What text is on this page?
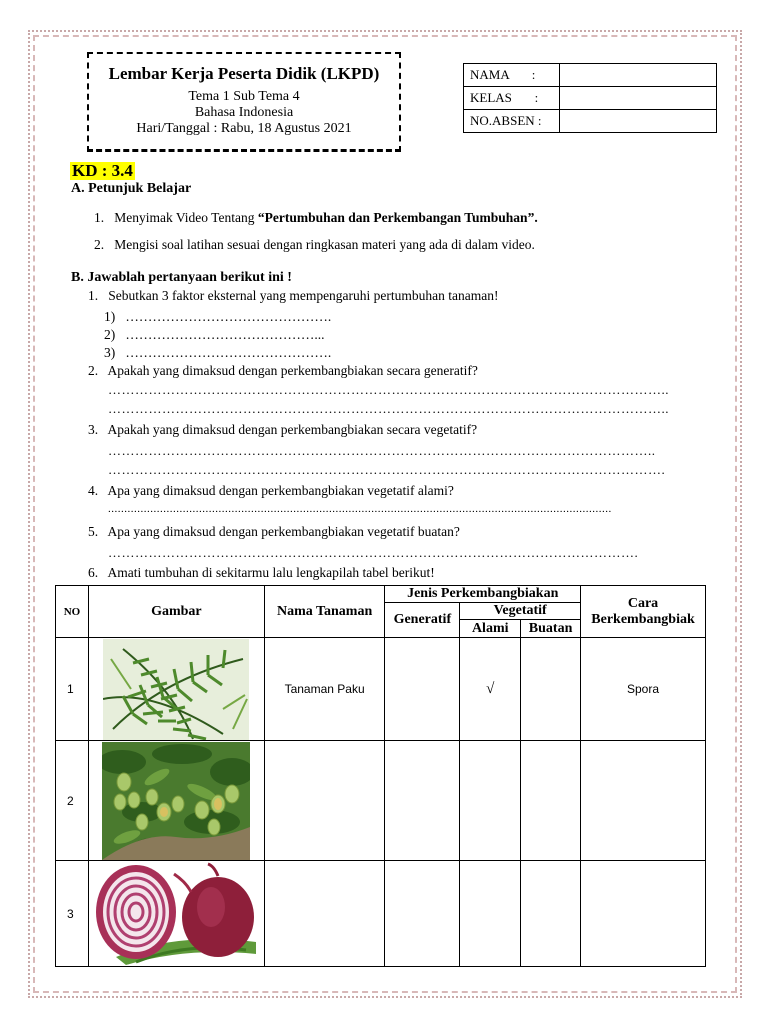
Lembar Kerja Peserta Didik (LKPD)
Tema 1 Sub Tema 4
Bahasa Indonesia
Hari/Tanggal : Rabu, 18 Agustus 2021
NAMA       :	
KELAS       :	
NO.ABSEN :	
KD : 3.4
A. Petunjuk Belajar
1. Menyimak Video Tentang “Pertumbuhan dan Perkembangan Tumbuhan”.
2. Mengisi soal latihan sesuai dengan ringkasan materi yang ada di dalam video.
B. Jawablah pertanyaan berikut ini !
1.   Sebutkan 3 faktor eksternal yang mempengaruhi pertumbuhan tanaman!
1)   ……………………………………….
2)   ……………………………………...
3)   ……………………………………….
2.   Apakah yang dimaksud dengan perkembangbiakan secara generatif?
……………………………………………………………………………………………………………..
……………………………………………………………………………………………………………..
3.   Apakah yang dimaksud dengan perkembangbiakan secara vegetatif?
…………………………………………………………………………………………………………..
…………………………………………………………………………………………………………….
4.   Apa yang dimaksud dengan perkembangbiakan vegetatif alami?
...........................................................................................................................................................
5.   Apa yang dimaksud dengan perkembangbiakan vegetatif buatan?
……………………………………………………………………………………………………….
6.   Amati tumbuhan di sekitarmu lalu lengkapilah tabel berikut!
NO	Gambar	Nama Tanaman	Jenis Perkembangbiakan			Cara Berkembangbiak
			Generatif	Vegetatif		
				Alami	Buatan	
1		Tanaman Paku		√		Spora
2	

3	
